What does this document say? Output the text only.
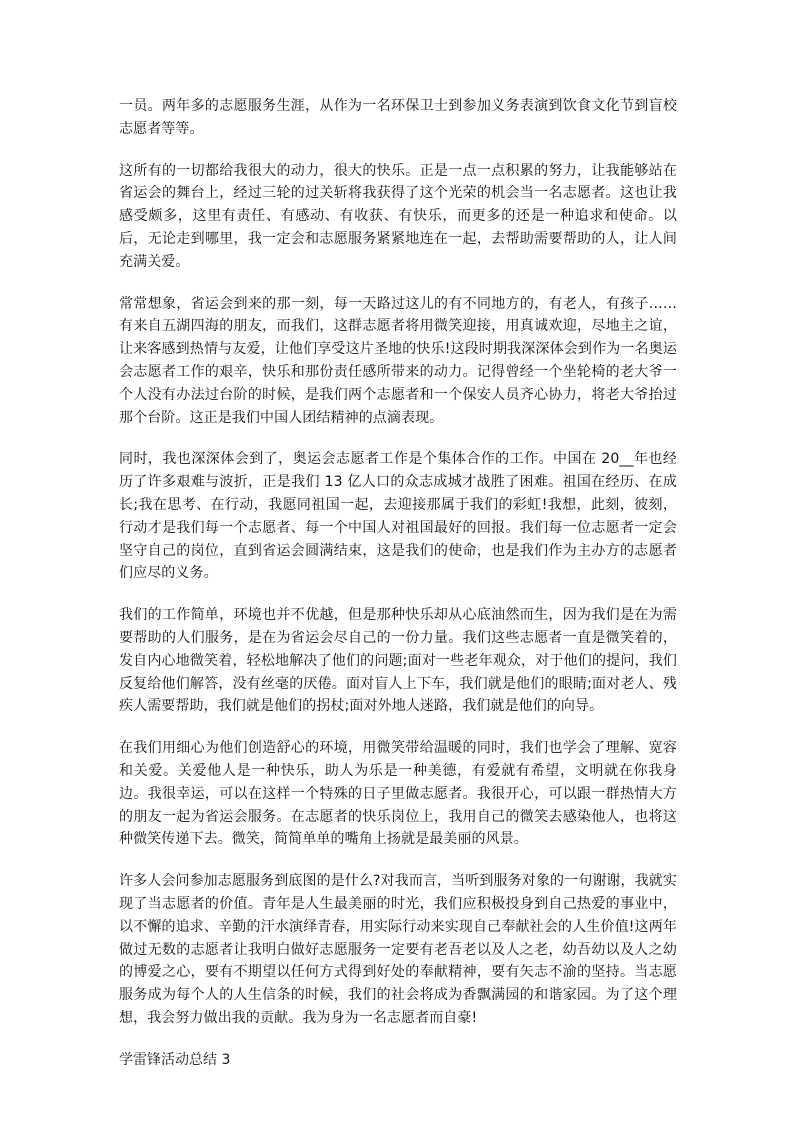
一员。两年多的志愿服务生涯，从作为一名环保卫士到参加义务表演到饮食文化节到盲校志愿者等等。

这所有的一切都给我很大的动力，很大的快乐。正是一点一点积累的努力，让我能够站在省运会的舞台上，经过三轮的过关斩将我获得了这个光荣的机会当一名志愿者。这也让我感受颇多，这里有责任、有感动、有收获、有快乐，而更多的还是一种追求和使命。以后，无论走到哪里，我一定会和志愿服务紧紧地连在一起，去帮助需要帮助的人，让人间充满关爱。

常常想象，省运会到来的那一刻，每一天路过这儿的有不同地方的，有老人，有孩子……有来自五湖四海的朋友，而我们，这群志愿者将用微笑迎接，用真诚欢迎，尽地主之谊，让来客感到热情与友爱，让他们享受这片圣地的快乐!这段时期我深深体会到作为一名奥运会志愿者工作的艰辛，快乐和那份责任感所带来的动力。记得曾经一个坐轮椅的老大爷一个人没有办法过台阶的时候，是我们两个志愿者和一个保安人员齐心协力，将老大爷抬过那个台阶。这正是我们中国人团结精神的点滴表现。

同时，我也深深体会到了，奥运会志愿者工作是个集体合作的工作。中国在 20__年也经历了许多艰难与波折，正是我们 13 亿人口的众志成城才战胜了困难。祖国在经历、在成长;我在思考、在行动，我愿同祖国一起，去迎接那属于我们的彩虹!我想，此刻，彼刻，行动才是我们每一个志愿者、每一个中国人对祖国最好的回报。我们每一位志愿者一定会坚守自己的岗位，直到省运会圆满结束，这是我们的使命，也是我们作为主办方的志愿者们应尽的义务。

我们的工作简单，环境也并不优越，但是那种快乐却从心底油然而生，因为我们是在为需要帮助的人们服务，是在为省运会尽自己的一份力量。我们这些志愿者一直是微笑着的，发自内心地微笑着，轻松地解决了他们的问题;面对一些老年观众，对于他们的提问，我们反复给他们解答，没有丝毫的厌倦。面对盲人上下车，我们就是他们的眼睛;面对老人、残疾人需要帮助，我们就是他们的拐杖;面对外地人迷路，我们就是他们的向导。

在我们用细心为他们创造舒心的环境，用微笑带给温暖的同时，我们也学会了理解、宽容和关爱。关爱他人是一种快乐，助人为乐是一种美德，有爱就有希望，文明就在你我身边。我很幸运，可以在这样一个特殊的日子里做志愿者。我很开心，可以跟一群热情大方的朋友一起为省运会服务。在志愿者的快乐岗位上，我用自己的微笑去感染他人，也将这种微笑传递下去。微笑，简简单单的嘴角上扬就是最美丽的风景。

许多人会问参加志愿服务到底图的是什么?对我而言，当听到服务对象的一句谢谢，我就实现了当志愿者的价值。青年是人生最美丽的时光，我们应积极投身到自己热爱的事业中，以不懈的追求、辛勤的汗水演绎青春，用实际行动来实现自己奉献社会的人生价值!这两年做过无数的志愿者让我明白做好志愿服务一定要有老吾老以及人之老，幼吾幼以及人之幼的博爱之心，要有不期望以任何方式得到好处的奉献精神，要有矢志不渝的坚持。当志愿服务成为每个人的人生信条的时候，我们的社会将成为香飘满园的和谐家园。为了这个理想，我会努力做出我的贡献。我为身为一名志愿者而自豪!

学雷锋活动总结 3
